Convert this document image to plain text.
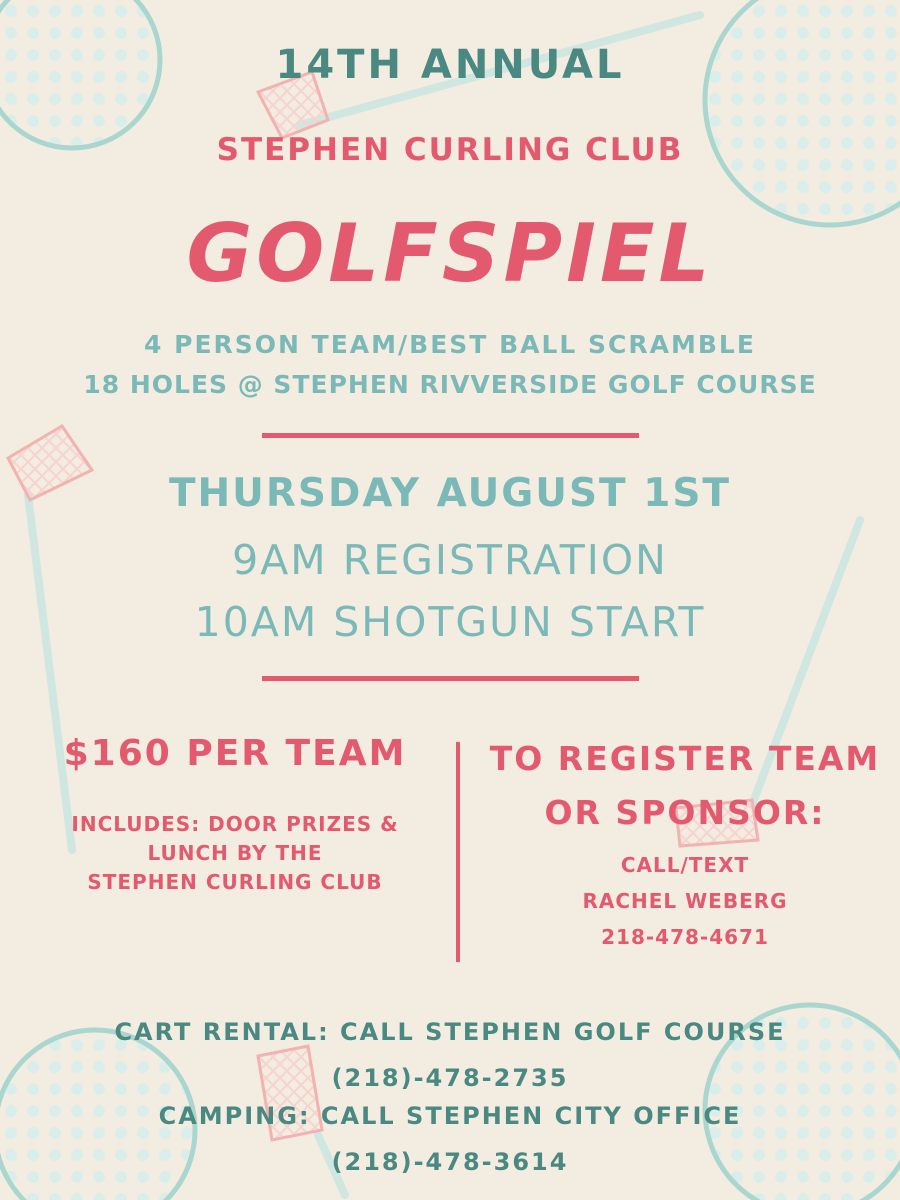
14TH ANNUAL
STEPHEN CURLING CLUB
GOLFSPIEL
4 PERSON TEAM/BEST BALL SCRAMBLE
18 HOLES @ STEPHEN RIVVERSIDE GOLF COURSE
THURSDAY AUGUST 1ST
9AM REGISTRATION
10AM SHOTGUN START
$160 PER TEAM
INCLUDES: DOOR PRIZES &
LUNCH BY THE
STEPHEN CURLING CLUB
TO REGISTER TEAM
OR SPONSOR:
CALL/TEXT
RACHEL WEBERG
218-478-4671
CART RENTAL: CALL STEPHEN GOLF COURSE
(218)-478-2735
CAMPING: CALL STEPHEN CITY OFFICE
(218)-478-3614
